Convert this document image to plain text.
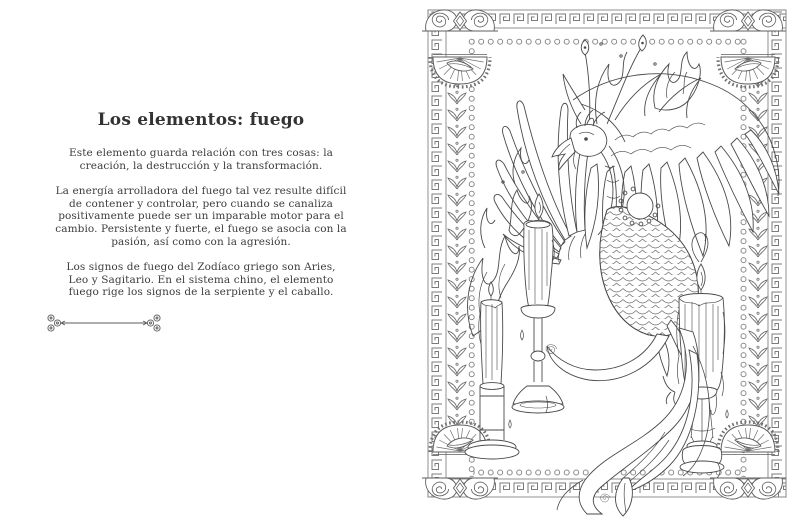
Los elementos: fuego

Este elemento guarda relación con tres cosas: la creación, la destrucción y la transformación.

La energía arrolladora del fuego tal vez resulte difícil de contener y controlar, pero cuando se canaliza positivamente puede ser un imparable motor para el cambio. Persistente y fuerte, el fuego se asocia con la pasión, así como con la agresión.

Los signos de fuego del Zodíaco griego son Aries, Leo y Sagitario. En el sistema chino, el elemento fuego rige los signos de la serpiente y el caballo.
